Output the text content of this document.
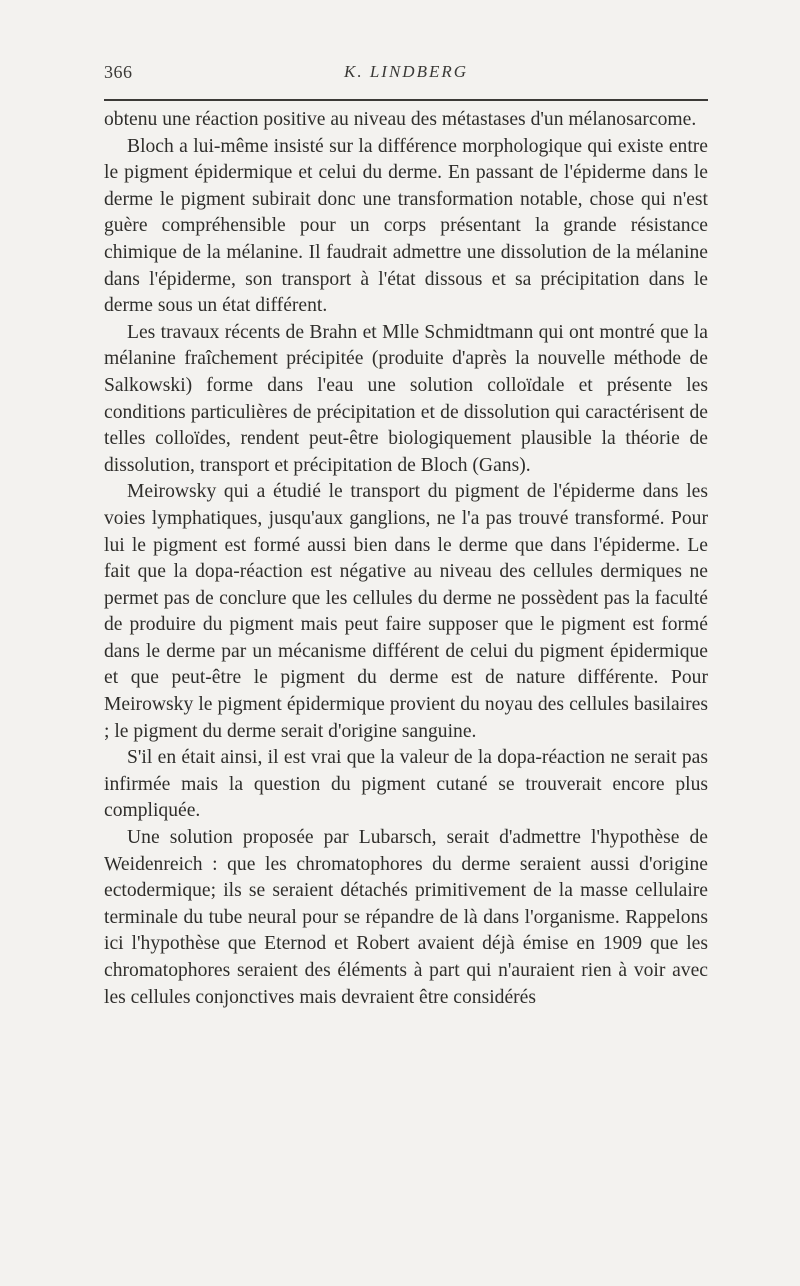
366	K. LINDBERG

obtenu une réaction positive au niveau des métastases d'un mélanosarcome.

Bloch a lui-même insisté sur la différence morphologique qui existe entre le pigment épidermique et celui du derme. En passant de l'épiderme dans le derme le pigment subirait donc une transformation notable, chose qui n'est guère compréhensible pour un corps présentant la grande résistance chimique de la mélanine. Il faudrait admettre une dissolution de la mélanine dans l'épiderme, son transport à l'état dissous et sa précipitation dans le derme sous un état différent.

Les travaux récents de Brahn et Mlle Schmidtmann qui ont montré que la mélanine fraîchement précipitée (produite d'après la nouvelle méthode de Salkowski) forme dans l'eau une solution colloïdale et présente les conditions particulières de précipitation et de dissolution qui caractérisent de telles colloïdes, rendent peut-être biologiquement plausible la théorie de dissolution, transport et précipitation de Bloch (Gans).

Meirowsky qui a étudié le transport du pigment de l'épiderme dans les voies lymphatiques, jusqu'aux ganglions, ne l'a pas trouvé transformé. Pour lui le pigment est formé aussi bien dans le derme que dans l'épiderme. Le fait que la dopa-réaction est négative au niveau des cellules dermiques ne permet pas de conclure que les cellules du derme ne possèdent pas la faculté de produire du pigment mais peut faire supposer que le pigment est formé dans le derme par un mécanisme différent de celui du pigment épidermique et que peut-être le pigment du derme est de nature différente. Pour Meirowsky le pigment épidermique provient du noyau des cellules basilaires ; le pigment du derme serait d'origine sanguine.

S'il en était ainsi, il est vrai que la valeur de la dopa-réaction ne serait pas infirmée mais la question du pigment cutané se trouverait encore plus compliquée.

Une solution proposée par Lubarsch, serait d'admettre l'hypothèse de Weidenreich : que les chromatophores du derme seraient aussi d'origine ectodermique; ils se seraient détachés primitivement de la masse cellulaire terminale du tube neural pour se répandre de là dans l'organisme. Rappelons ici l'hypothèse que Eternod et Robert avaient déjà émise en 1909 que les chromatophores seraient des éléments à part qui n'auraient rien à voir avec les cellules conjonctives mais devraient être considérés
